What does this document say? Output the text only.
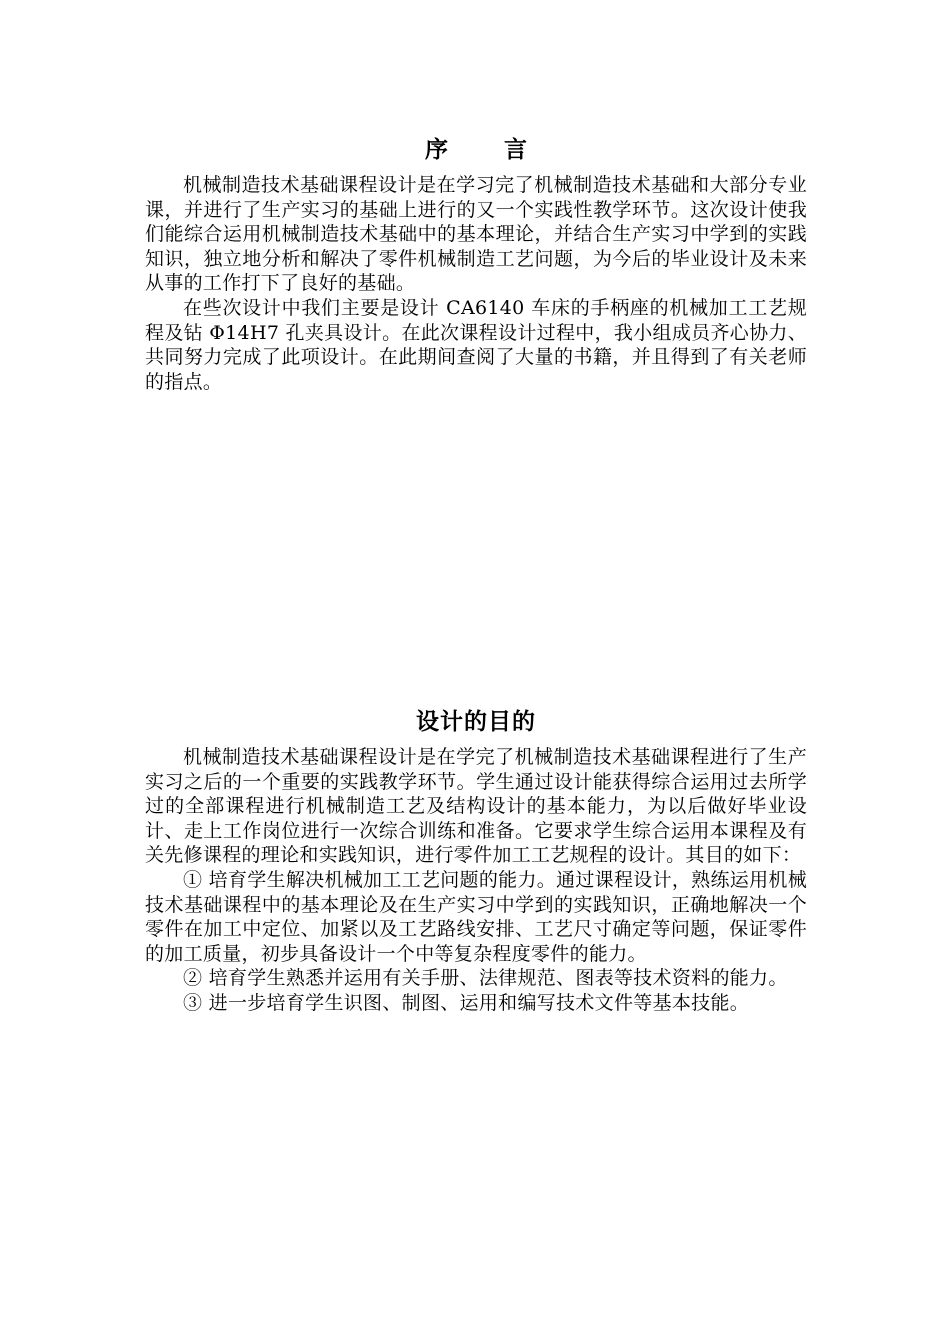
序 言

机械制造技术基础课程设计是在学习完了机械制造技术基础和大部分专业课，并进行了生产实习的基础上进行的又一个实践性教学环节。这次设计使我们能综合运用机械制造技术基础中的基本理论，并结合生产实习中学到的实践知识，独立地分析和解决了零件机械制造工艺问题，为今后的毕业设计及未来从事的工作打下了良好的基础。

在些次设计中我们主要是设计 CA6140 车床的手柄座的机械加工工艺规程及钻 Φ14H7 孔夹具设计。在此次课程设计过程中，我小组成员齐心协力、共同努力完成了此项设计。在此期间查阅了大量的书籍，并且得到了有关老师的指点。

设计的目的

机械制造技术基础课程设计是在学完了机械制造技术基础课程进行了生产实习之后的一个重要的实践教学环节。学生通过设计能获得综合运用过去所学过的全部课程进行机械制造工艺及结构设计的基本能力，为以后做好毕业设计、走上工作岗位进行一次综合训练和准备。它要求学生综合运用本课程及有关先修课程的理论和实践知识，进行零件加工工艺规程的设计。其目的如下：

① 培育学生解决机械加工工艺问题的能力。通过课程设计，熟练运用机械技术基础课程中的基本理论及在生产实习中学到的实践知识，正确地解决一个零件在加工中定位、加紧以及工艺路线安排、工艺尺寸确定等问题，保证零件的加工质量，初步具备设计一个中等复杂程度零件的能力。

② 培育学生熟悉并运用有关手册、法律规范、图表等技术资料的能力。

③ 进一步培育学生识图、制图、运用和编写技术文件等基本技能。
